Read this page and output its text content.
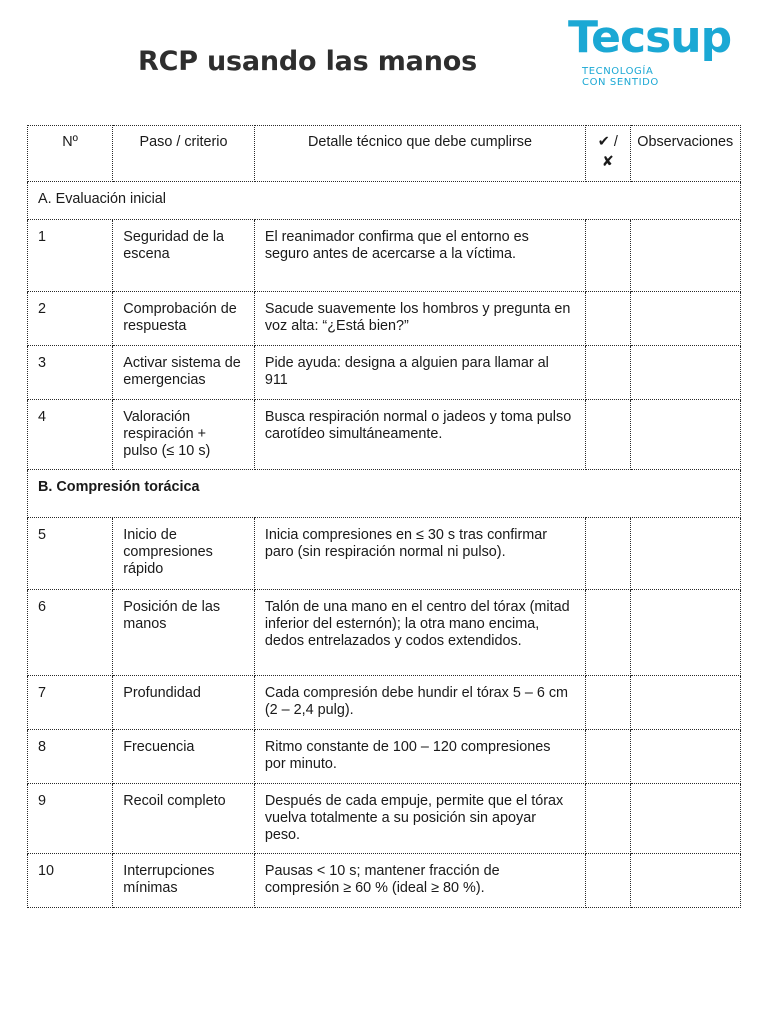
RCP usando las manos Tecsup
TECNOLOGÍA
CON SENTIDO
Nº	Paso / criterio	Detalle técnico que debe cumplirse	✔ / ✘	Observaciones
A. Evaluación inicial				
1	Seguridad de la escena	El reanimador confirma que el entorno es seguro antes de acercarse a la víctima.		
2	Comprobación de respuesta	Sacude suavemente los hombros y pregunta en voz alta: “¿Está bien?”		
3	Activar sistema de emergencias	Pide ayuda: designa a alguien para llamar al 911		
4	Valoración respiración + pulso (≤ 10 s)	Busca respiración normal o jadeos y toma pulso carotídeo simultáneamente.		
B. Compresión torácica				
5	Inicio de compresiones rápido	Inicia compresiones en ≤ 30 s tras confirmar paro (sin respiración normal ni pulso).		
6	Posición de las manos	Talón de una mano en el centro del tórax (mitad inferior del esternón); la otra mano encima, dedos entrelazados y codos extendidos.		
7	Profundidad	Cada compresión debe hundir el tórax 5 – 6 cm (2 – 2,4 pulg).		
8	Frecuencia	Ritmo constante de 100 – 120 compresiones por minuto.		
9	Recoil completo	Después de cada empuje, permite que el tórax vuelva totalmente a su posición sin apoyar peso.		
10	Interrupciones mínimas	Pausas < 10 s; mantener fracción de compresión ≥ 60 % (ideal ≥ 80 %).		
